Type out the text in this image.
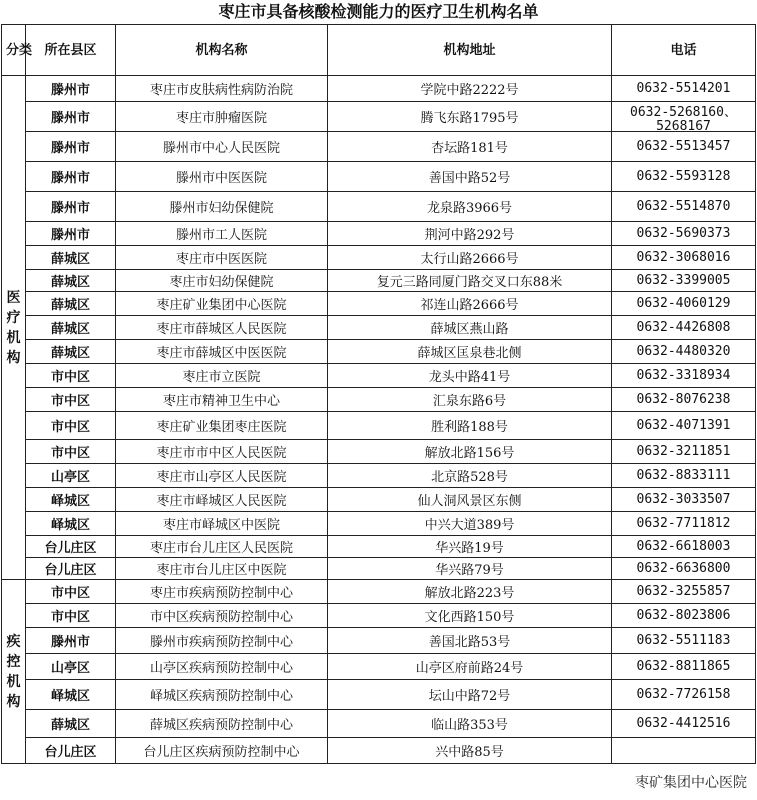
枣庄市具备核酸检测能力的医疗卫生机构名单
分类	所在县区	机构名称	机构地址	电话
医疗机构	滕州市	枣庄市皮肤病性病防治院	学院中路2222号	0632-5514201
	滕州市	枣庄市肿瘤医院	腾飞东路1795号	0632-5268160、5268167

	滕州市	滕州市中心人民医院	杏坛路181号	0632-5513457
	滕州市	滕州市中医医院	善国中路52号	0632-5593128
	滕州市	滕州市妇幼保健院	龙泉路3966号	0632-5514870
	滕州市	滕州市工人医院	荆河中路292号	0632-5690373
	薛城区	枣庄市中医医院	太行山路2666号	0632-3068016
	薛城区	枣庄市妇幼保健院	复元三路同厦门路交叉口东88米	0632-3399005
	薛城区	枣庄矿业集团中心医院	祁连山路2666号	0632-4060129
	薛城区	枣庄市薛城区人民医院	薛城区燕山路	0632-4426808
	薛城区	枣庄市薛城区中医医院	薛城区匡泉巷北侧	0632-4480320
	市中区	枣庄市立医院	龙头中路41号	0632-3318934
	市中区	枣庄市精神卫生中心	汇泉东路6号	0632-8076238
	市中区	枣庄矿业集团枣庄医院	胜利路188号	0632-4071391
	市中区	枣庄市市中区人民医院	解放北路156号	0632-3211851
	山亭区	枣庄市山亭区人民医院	北京路528号	0632-8833111
	峄城区	枣庄市峄城区人民医院	仙人洞风景区东侧	0632-3033507
	峄城区	枣庄市峄城区中医院	中兴大道389号	0632-7711812
	台儿庄区	枣庄市台儿庄区人民医院	华兴路19号	0632-6618003
	台儿庄区	枣庄市台儿庄区中医院	华兴路79号	0632-6636800
疾控机构	市中区	枣庄市疾病预防控制中心	解放北路223号	0632-3255857
	市中区	市中区疾病预防控制中心	文化西路150号	0632-8023806
	滕州市	滕州市疾病预防控制中心	善国北路53号	0632-5511183
	山亭区	山亭区疾病预防控制中心	山亭区府前路24号	0632-8811865
	峄城区	峄城区疾病预防控制中心	坛山中路72号	0632-7726158
	薛城区	薛城区疾病预防控制中心	临山路353号	0632-4412516
	台儿庄区	台儿庄区疾病预防控制中心	兴中路85号	
枣矿集团中心医院
